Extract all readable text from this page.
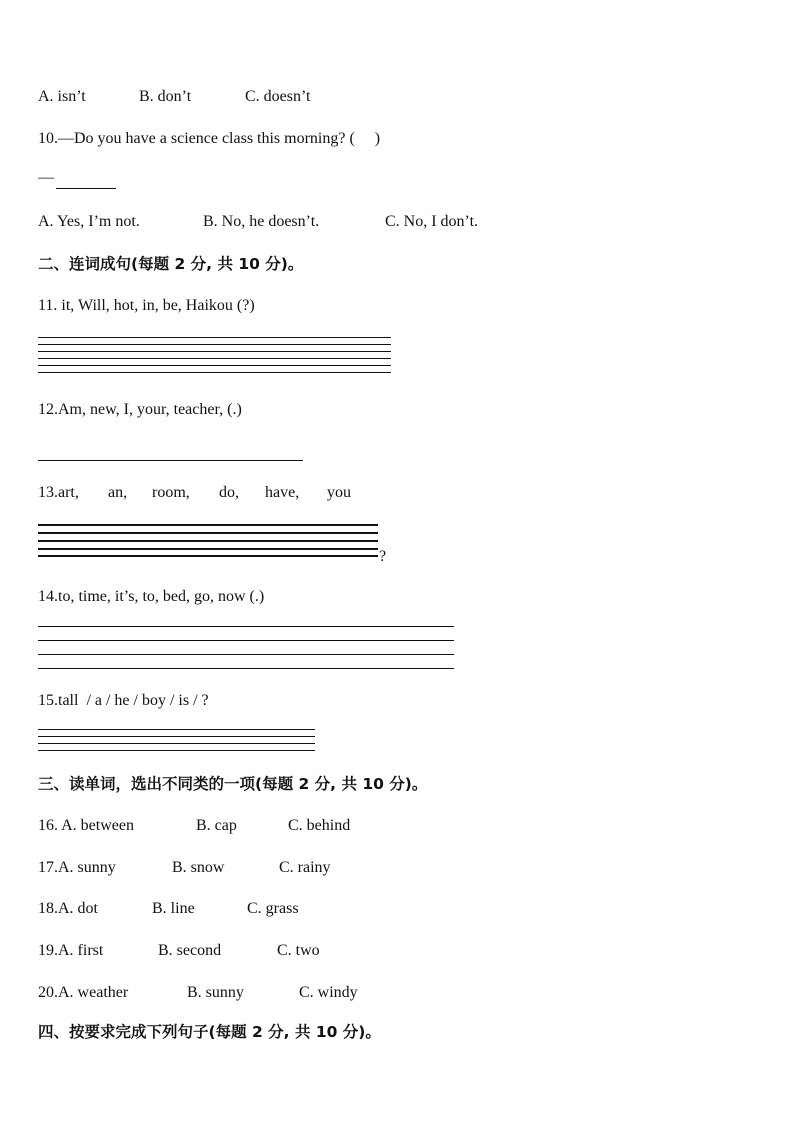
A. isn’t	B. don’t	C. doesn’t
10.—Do you have a science class this morning? (     )
—
A. Yes, I’m not.	B. No, he doesn’t.	C. No, I don’t.
二、连词成句(每题 2 分, 共 10 分)。
11. it, Will, hot, in, be, Haikou (?)
12.Am, new, I, your, teacher, (.)
13.art, an, room, do, have, you
?
14.to, time, it’s, to, bed, go, now (.)
15.tall  / a / he / boy / is / ?
三、读单词，选出不同类的一项(每题 2 分, 共 10 分)。
16. A. between	B. cap	C. behind
17.A. sunny	B. snow	C. rainy
18.A. dot	B. line	C. grass
19.A. first	B. second	C. two
20.A. weather	B. sunny	C. windy
四、按要求完成下列句子(每题 2 分, 共 10 分)。
